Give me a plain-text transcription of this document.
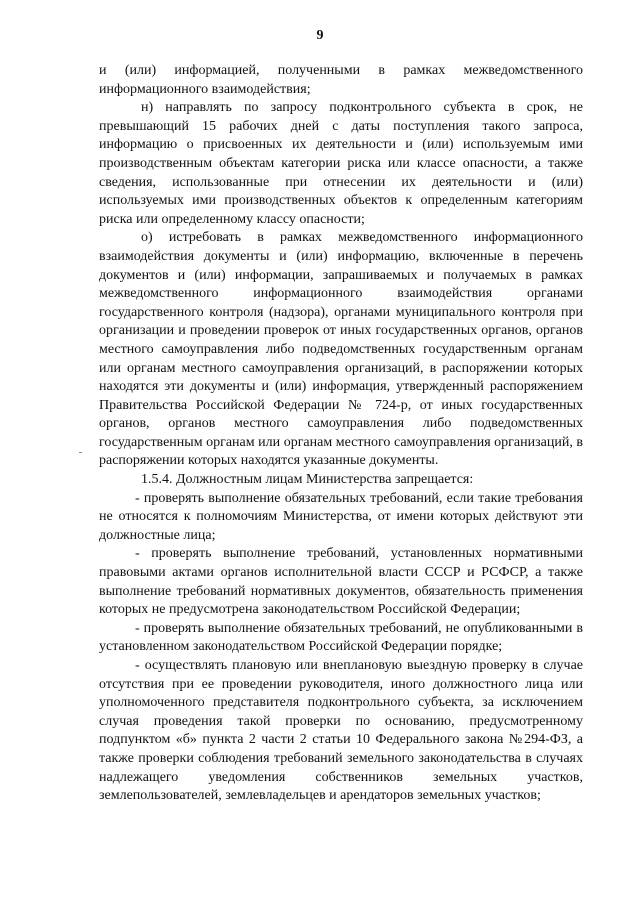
9

и (или) информацией, полученными в рамках межведомственного информационного взаимодействия;

н) направлять по запросу подконтрольного субъекта в срок, не превышающий 15 рабочих дней с даты поступления такого запроса, информацию о присвоенных их деятельности и (или) используемым ими производственным объектам категории риска или классе опасности, а также сведения, использованные при отнесении их деятельности и (или) используемых ими производственных объектов к определенным категориям риска или определенному классу опасности;

о) истребовать в рамках межведомственного информационного взаимодействия документы и (или) информацию, включенные в перечень документов и (или) информации, запрашиваемых и получаемых в рамках межведомственного информационного взаимодействия органами государственного контроля (надзора), органами муниципального контроля при организации и проведении проверок от иных государственных органов, органов местного самоуправления либо подведомственных государственным органам или органам местного самоуправления организаций, в распоряжении которых находятся эти документы и (или) информация, утвержденный распоряжением Правительства Российской Федерации № 724-р, от иных государственных органов, органов местного самоуправления либо подведомственных государственным органам или органам местного самоуправления организаций, в распоряжении которых находятся указанные документы.

1.5.4. Должностным лицам Министерства запрещается:

- проверять выполнение обязательных требований, если такие требования не относятся к полномочиям Министерства, от имени которых действуют эти должностные лица;

- проверять выполнение требований, установленных нормативными правовыми актами органов исполнительной власти СССР и РСФСР, а также выполнение требований нормативных документов, обязательность применения которых не предусмотрена законодательством Российской Федерации;

- проверять выполнение обязательных требований, не опубликованными в установленном законодательством Российской Федерации порядке;

- осуществлять плановую или внеплановую выездную проверку в случае отсутствия при ее проведении руководителя, иного должностного лица или уполномоченного представителя подконтрольного субъекта, за исключением случая проведения такой проверки по основанию, предусмотренному подпунктом «б» пункта 2 части 2 статьи 10 Федерального закона №294-ФЗ, а также проверки соблюдения требований земельного законодательства в случаях надлежащего уведомления собственников земельных участков, землепользователей, землевладельцев и арендаторов земельных участков;
